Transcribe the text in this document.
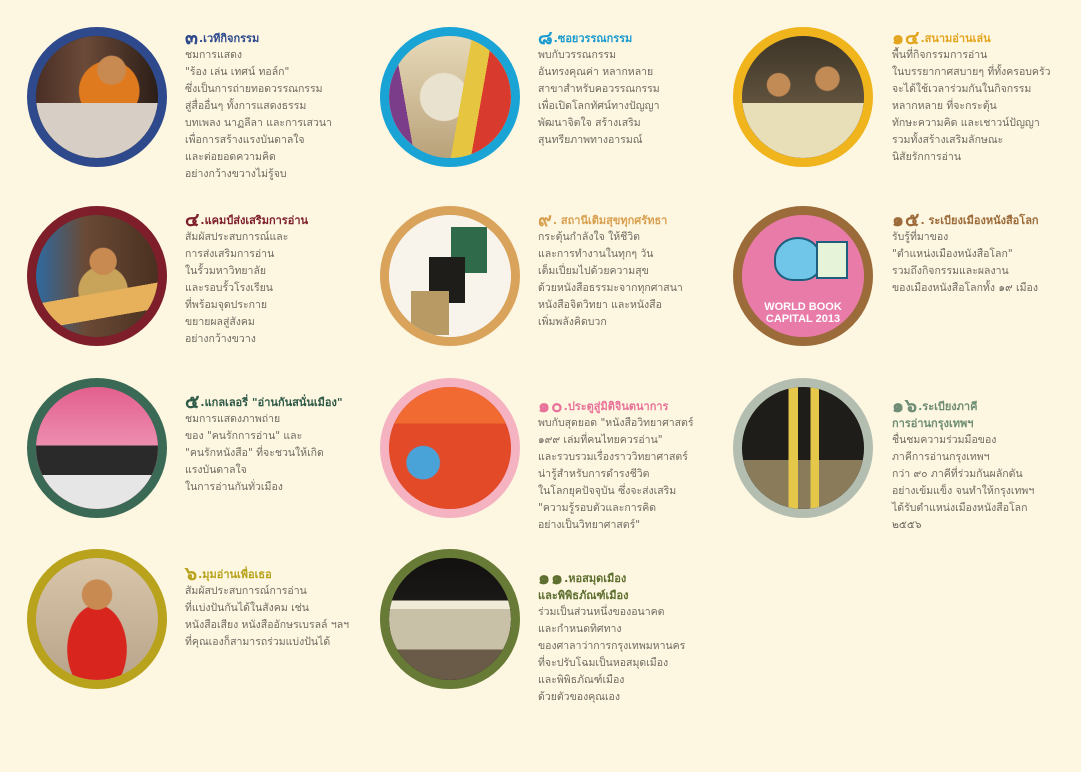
๓.เวทีกิจกรรม
ชมการแสดง
"ร้อง เล่น เทศน์ ทอล์ก"
ซึ่งเป็นการถ่ายทอดวรรณกรรม
สู่สื่ออื่นๆ ทั้งการแสดงธรรม
บทเพลง นาฏลีลา และการเสวนา
เพื่อการสร้างแรงบันดาลใจ
และต่อยอดความคิด
อย่างกว้างขวางไม่รู้จบ
๘.ซอยวรรณกรรม
พบกับวรรณกรรม
อันทรงคุณค่า หลากหลาย
สาขาสำหรับคอวรรณกรรม
เพื่อเปิดโลกทัศน์ทางปัญญา
พัฒนาจิตใจ สร้างเสริม
สุนทรียภาพทางอารมณ์
๑๔.สนามอ่านเล่น
พื้นที่กิจกรรมการอ่าน
ในบรรยากาศสบายๆ ที่ทั้งครอบครัว
จะได้ใช้เวลาร่วมกันในกิจกรรม
หลากหลาย ที่จะกระตุ้น
ทักษะความคิด และเชาวน์ปัญญา
รวมทั้งสร้างเสริมลักษณะ
นิสัยรักการอ่าน
๔.แคมป์ส่งเสริมการอ่าน
สัมผัสประสบการณ์และ
การส่งเสริมการอ่าน
ในรั้วมหาวิทยาลัย
และรอบรั้วโรงเรียน
ที่พร้อมจุดประกาย
ขยายผลสู่สังคม
อย่างกว้างขวาง
๙. สถานีเติมสุขทุกศรัทธา
กระตุ้นกำลังใจ ให้ชีวิต
และการทำงานในทุกๆ วัน
เต็มเปี่ยมไปด้วยความสุข
ด้วยหนังสือธรรมะจากทุกศาสนา
หนังสือจิตวิทยา และหนังสือ
เพิ่มพลังคิดบวก
WORLD BOOK
CAPITAL 2013
๑๕. ระเบียงเมืองหนังสือโลก
รับรู้ที่มาของ
"ตำแหน่งเมืองหนังสือโลก"
รวมถึงกิจกรรมและผลงาน
ของเมืองหนังสือโลกทั้ง ๑๙ เมือง
๕.แกลเลอรี่ "อ่านกันสนั่นเมือง"
ชมการแสดงภาพถ่าย
ของ "คนรักการอ่าน" และ
"คนรักหนังสือ" ที่จะชวนให้เกิด
แรงบันดาลใจ
ในการอ่านกันทั่วเมือง
๑๐.ประตูสู่มิติจินตนาการ
พบกับสุดยอด "หนังสือวิทยาศาสตร์
๑๙๙ เล่มที่คนไทยควรอ่าน"
และรวบรวมเรื่องราววิทยาศาสตร์
น่ารู้สำหรับการดำรงชีวิต
ในโลกยุคปัจจุบัน ซึ่งจะส่งเสริม
"ความรู้รอบตัวและการคิด
อย่างเป็นวิทยาศาสตร์"
๑๖.ระเบียงภาคี
การอ่านกรุงเทพฯ
ชื่นชมความร่วมมือของ
ภาคีการอ่านกรุงเทพฯ
กว่า ๙๐ ภาคีที่ร่วมกันผลักดัน
อย่างเข้มแข็ง จนทำให้กรุงเทพฯ
ได้รับตำแหน่งเมืองหนังสือโลก
๒๕๕๖
๖.มุมอ่านเพื่อเธอ
สัมผัสประสบการณ์การอ่าน
ที่แบ่งปันกันได้ในสังคม เช่น
หนังสือเสียง หนังสืออักษรเบรลล์ ฯลฯ
ที่คุณเองก็สามารถร่วมแบ่งปันได้
๑๑.หอสมุดเมือง
และพิพิธภัณฑ์เมือง
ร่วมเป็นส่วนหนึ่งของอนาคต
และกำหนดทิศทาง
ของศาลาว่าการกรุงเทพมหานคร
ที่จะปรับโฉมเป็นหอสมุดเมือง
และพิพิธภัณฑ์เมือง
ด้วยตัวของคุณเอง
